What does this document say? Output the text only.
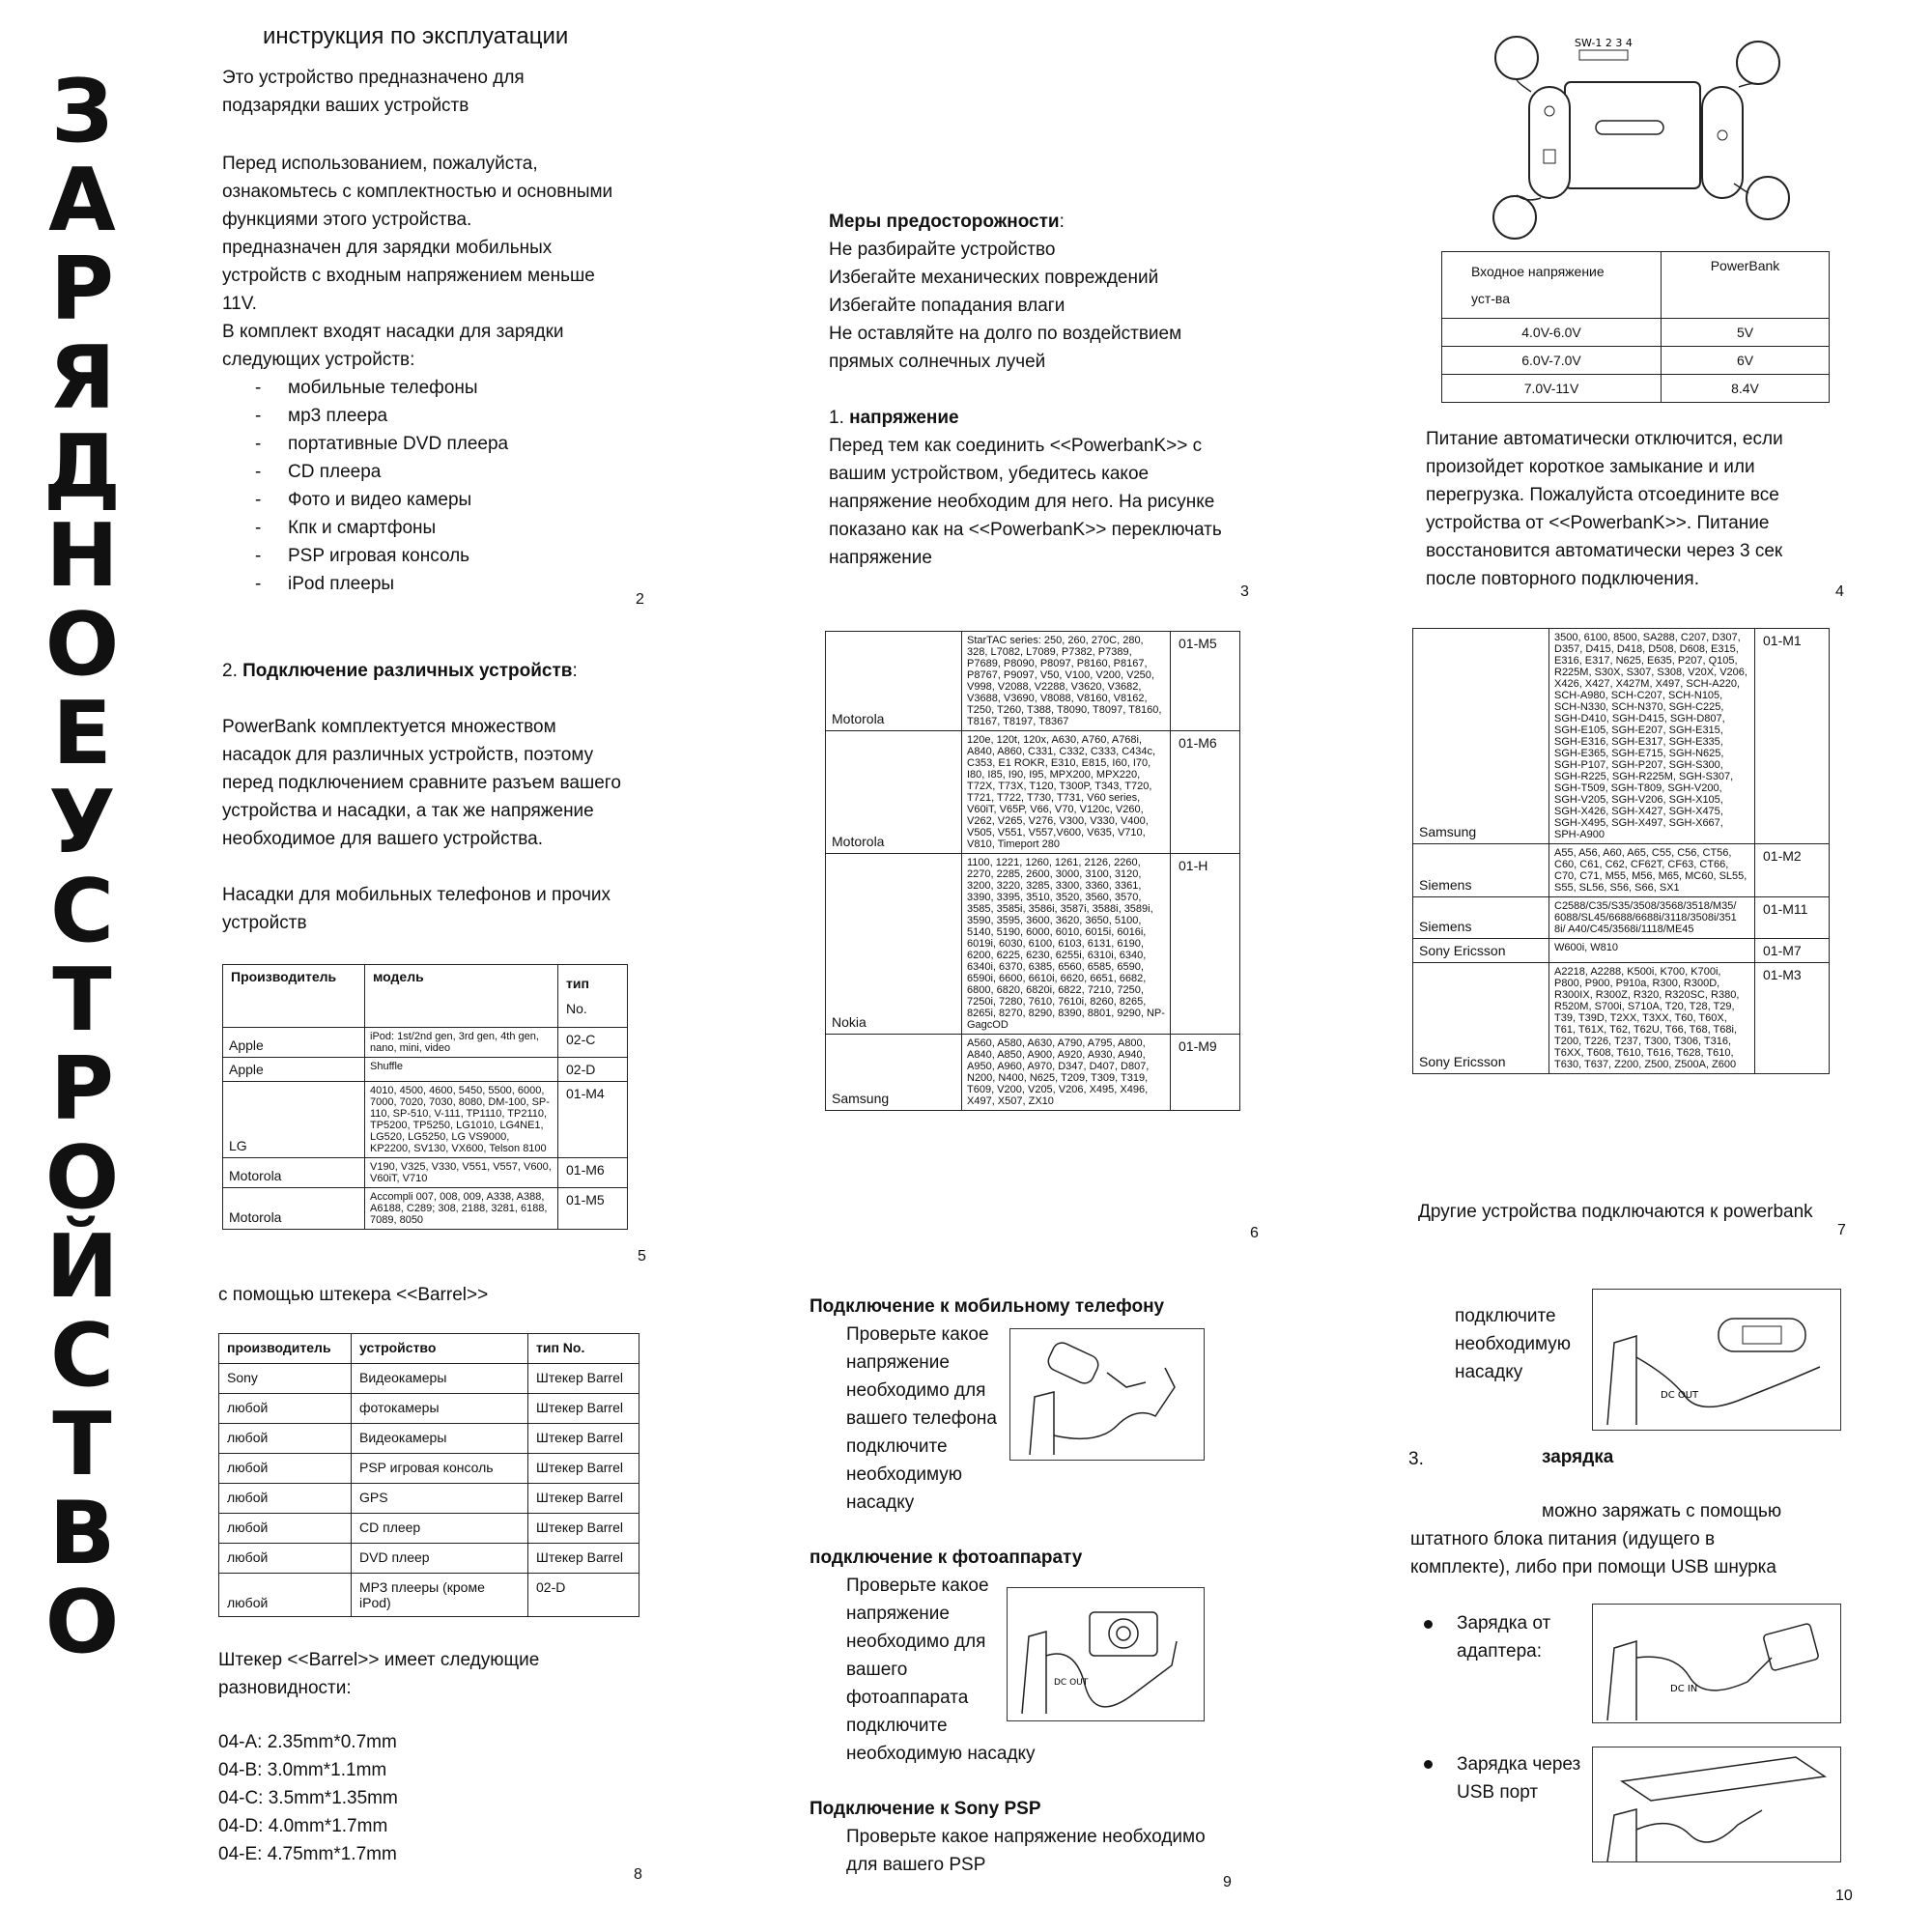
З
А
Р
Я
Д
Н
О
Е
У
С
Т
Р
О
Й
С
Т
В
О
инструкция по эксплуатации
Это устройство предназначено для
подзарядки ваших устройств
Перед использованием, пожалуйста,
ознакомьтесь с комплектностью и основными
функциями этого устройства.
предназначен для зарядки мобильных
устройств с входным напряжением меньше
11V.
В комплект входят насадки для зарядки
следующих устройств:
- мобильные телефоны
- мр3 плеера
- портативные DVD плеера
- CD плеера
- Фото и видео камеры
- Кпк и смартфоны
- PSP игровая консоль
- iPod плееры
2
Меры предосторожности:
Не разбирайте устройство
Избегайте механических повреждений
Избегайте попадания влаги
Не оставляйте на долго по воздействием
прямых солнечных лучей
1. напряжение
Перед тем как соединить <<PowerbanK>> с
вашим устройством, убедитесь какое
напряжение необходим для него. На рисунке
показано как на <<PowerbanK>> переключать
напряжение
3
SW-1 2 3 4
Входное напряжение
уст-ва	PowerBank
4.0V-6.0V	5V
6.0V-7.0V	6V
7.0V-11V	8.4V
Питание автоматически отключится, если
произойдет короткое замыкание и или
перегрузка. Пожалуйста отсоедините все
устройства от <<PowerbanK>>. Питание
восстановится автоматически через 3 сек
после повторного подключения.
4
2. Подключение различных устройств:
PowerBank комплектуется множеством
насадок для различных устройств, поэтому
перед подключением сравните разъем вашего
устройства и насадки, а так же напряжение
необходимое для вашего устройства.
Насадки для мобильных телефонов и прочих
устройств
Производитель	модель	тип
No.

Apple	iPod: 1st/2nd gen, 3rd gen, 4th gen, nano, mini, video	02-C
Apple	Shuffle	02-D
LG	4010, 4500, 4600, 5450, 5500, 6000, 7000, 7020, 7030, 8080, DM-100, SP-110, SP-510, V-111, TP1110, TP2110, TP5200, TP5250, LG1010, LG4NE1, LG520, LG5250, LG VS9000, KP2200, SV130, VX600, Telson 8100	01-M4
Motorola	V190, V325, V330, V551, V557, V600, V60iT, V710	01-M6
Motorola	Accompli 007, 008, 009, A338, A388, A6188, C289; 308, 2188, 3281, 6188, 7089, 8050	01-M5
5
Motorola	StarTAC series: 250, 260, 270C, 280, 328, L7082, L7089, P7382, P7389, P7689, P8090, P8097, P8160, P8167, P8767, P9097, V50, V100, V200, V250, V998, V2088, V2288, V3620, V3682, V3688, V3690, V8088, V8160, V8162, T250, T260, T388, T8090, T8097, T8160, T8167, T8197, T8367	01-M5
Motorola	120e, 120t, 120x, A630, A760, A768i, A840, A860, C331, C332, C333, C434c, C353, E1 ROKR, E310, E815, I60, I70, I80, I85, I90, I95, MPX200, MPX220, T72X, T73X, T120, T300P, T343, T720, T721, T722, T730, T731, V60 series, V60iT, V65P, V66, V70, V120c, V260, V262, V265, V276, V300, V330, V400, V505, V551, V557,V600, V635, V710, V810, Timeport 280	01-M6
Nokia	1100, 1221, 1260, 1261, 2126, 2260, 2270, 2285, 2600, 3000, 3100, 3120, 3200, 3220, 3285, 3300, 3360, 3361, 3390, 3395, 3510, 3520, 3560, 3570, 3585, 3585i, 3586i, 3587i, 3588i, 3589i, 3590, 3595, 3600, 3620, 3650, 5100, 5140, 5190, 6000, 6010, 6015i, 6016i, 6019i, 6030, 6100, 6103, 6131, 6190, 6200, 6225, 6230, 6255i, 6310i, 6340, 6340i, 6370, 6385, 6560, 6585, 6590, 6590i, 6600, 6610i, 6620, 6651, 6682, 6800, 6820, 6820i, 6822, 7210, 7250, 7250i, 7280, 7610, 7610i, 8260, 8265, 8265i, 8270, 8290, 8390, 8801, 9290, NP-GagcOD	01-H
Samsung	A560, A580, A630, A790, A795, A800, A840, A850, A900, A920, A930, A940, A950, A960, A970, D347, D407, D807, N200, N400, N625, T209, T309, T319, T609, V200, V205, V206, X495, X496, X497, X507, ZX10	01-M9
6
Samsung	3500, 6100, 8500, SA288, C207, D307, D357, D415, D418, D508, D608, E315, E316, E317, N625, E635, P207, Q105, R225M, S30X, S307, S308, V20X, V206, X426, X427, X427M, X497, SCH-A220, SCH-A980, SCH-C207, SCH-N105, SCH-N330, SCH-N370, SGH-C225, SGH-D410, SGH-D415, SGH-D807, SGH-E105, SGH-E207, SGH-E315, SGH-E316, SGH-E317, SGH-E335, SGH-E365, SGH-E715, SGH-N625, SGH-P107, SGH-P207, SGH-S300, SGH-R225, SGH-R225M, SGH-S307, SGH-T509, SGH-T809, SGH-V200, SGH-V205, SGH-V206, SGH-X105, SGH-X426, SGH-X427, SGH-X475, SGH-X495, SGH-X497, SGH-X667, SPH-A900	01-M1
Siemens	A55, A56, A60, A65, C55, C56, CT56, C60, C61, C62, CF62T, CF63, CT66, C70, C71, M55, M56, M65, MC60, SL55, S55, SL56, S56, S66, SX1	01-M2
Siemens	C2588/C35/S35/3508/3568/3518/M35/ 6088/SL45/6688/6688i/3118/3508i/351 8i/ A40/C45/3568i/1118/ME45	01-M11
Sony Ericsson	W600i, W810	01-M7
Sony Ericsson	A2218, A2288, K500i, K700, K700i, P800, P900, P910a, R300, R300D, R300IX, R300Z, R320, R320SC, R380, R520M, S700i, S710A, T20, T28, T29, T39, T39D, T2XX, T3XX, T60, T60X, T61, T61X, T62, T62U, T66, T68, T68i, T200, T226, T237, T300, T306, T316, T6XX, T608, T610, T616, T628, T610, T630, T637, Z200, Z500, Z500A, Z600	01-M3
Другие устройства подключаются к powerbank
7
с помощью штекера <<Barrel>>
производитель	устройство	тип No.
Sony	Видеокамеры	Штекер Barrel
любой	фотокамеры	Штекер Barrel
любой	Видеокамеры	Штекер Barrel
любой	PSP игровая консоль	Штекер Barrel
любой	GPS	Штекер Barrel
любой	CD плеер	Штекер Barrel
любой	DVD плеер	Штекер Barrel
любой	МРЗ плееры (кроме iPod)	02-D
Штекер <<Barrel>> имеет следующие
разновидности:
04-A: 2.35mm*0.7mm
04-B: 3.0mm*1.1mm
04-C: 3.5mm*1.35mm
04-D: 4.0mm*1.7mm
04-E: 4.75mm*1.7mm
8
Подключение к мобильному телефону
Проверьте какое
напряжение
необходимо для
вашего телефона
подключите
необходимую
насадку
подключение к фотоаппарату
Проверьте какое
напряжение
необходимо для
вашего
фотоаппарата
подключите
необходимую насадку
DC OUT
Подключение к Sony PSP
Проверьте какое напряжение необходимо
для вашего PSP
9
подключите
необходимую
насадку
DC OUT
3.	зарядка
можно заряжать с помощью
штатного блока питания (идущего в
комплекте), либо при помощи USB шнурка
Зарядка от
адаптера:
DC IN
Зарядка через
USB порт
10
